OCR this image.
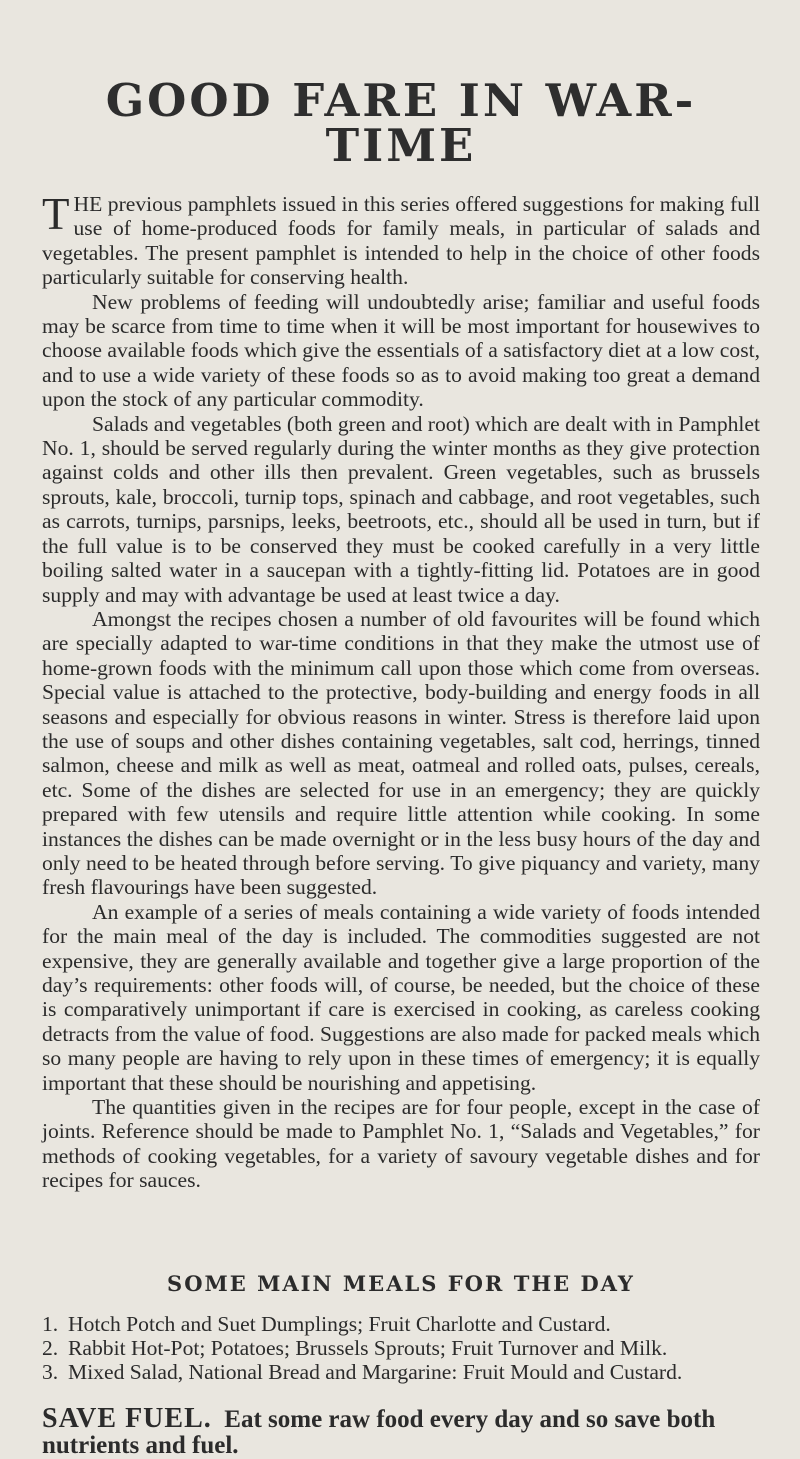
GOOD FARE IN WAR-TIME

THE previous pamphlets issued in this series offered suggestions for making full use of home-produced foods for family meals, in particular of salads and vegetables. The present pamphlet is intended to help in the choice of other foods particularly suitable for conserving health.

New problems of feeding will undoubtedly arise; familiar and useful foods may be scarce from time to time when it will be most important for housewives to choose available foods which give the essentials of a satisfactory diet at a low cost, and to use a wide variety of these foods so as to avoid making too great a demand upon the stock of any particular commodity.

Salads and vegetables (both green and root) which are dealt with in Pamphlet No. 1, should be served regularly during the winter months as they give protection against colds and other ills then prevalent. Green vegetables, such as brussels sprouts, kale, broccoli, turnip tops, spinach and cabbage, and root vegetables, such as carrots, turnips, parsnips, leeks, beetroots, etc., should all be used in turn, but if the full value is to be conserved they must be cooked carefully in a very little boiling salted water in a saucepan with a tightly-fitting lid. Potatoes are in good supply and may with advantage be used at least twice a day.

Amongst the recipes chosen a number of old favourites will be found which are specially adapted to war-time conditions in that they make the utmost use of home-grown foods with the minimum call upon those which come from overseas. Special value is attached to the protective, body-building and energy foods in all seasons and especially for obvious reasons in winter. Stress is therefore laid upon the use of soups and other dishes containing vegetables, salt cod, herrings, tinned salmon, cheese and milk as well as meat, oatmeal and rolled oats, pulses, cereals, etc. Some of the dishes are selected for use in an emergency; they are quickly prepared with few utensils and require little attention while cooking. In some instances the dishes can be made overnight or in the less busy hours of the day and only need to be heated through before serving. To give piquancy and variety, many fresh flavourings have been suggested.

An example of a series of meals containing a wide variety of foods intended for the main meal of the day is included. The commodities suggested are not expensive, they are generally available and together give a large proportion of the day’s requirements: other foods will, of course, be needed, but the choice of these is comparatively unimportant if care is exercised in cooking, as careless cooking detracts from the value of food. Suggestions are also made for packed meals which so many people are having to rely upon in these times of emergency; it is equally important that these should be nourishing and appetising.

The quantities given in the recipes are for four people, except in the case of joints. Reference should be made to Pamphlet No. 1, “Salads and Vegetables,” for methods of cooking vegetables, for a variety of savoury vegetable dishes and for recipes for sauces.

SOME MAIN MEALS FOR THE DAY
1. Hotch Potch and Suet Dumplings; Fruit Charlotte and Custard.
2. Rabbit Hot-Pot; Potatoes; Brussels Sprouts; Fruit Turnover and Milk.
3. Mixed Salad, National Bread and Margarine: Fruit Mould and Custard.
SAVE FUEL. Eat some raw food every day and so save both nutrients and fuel.
